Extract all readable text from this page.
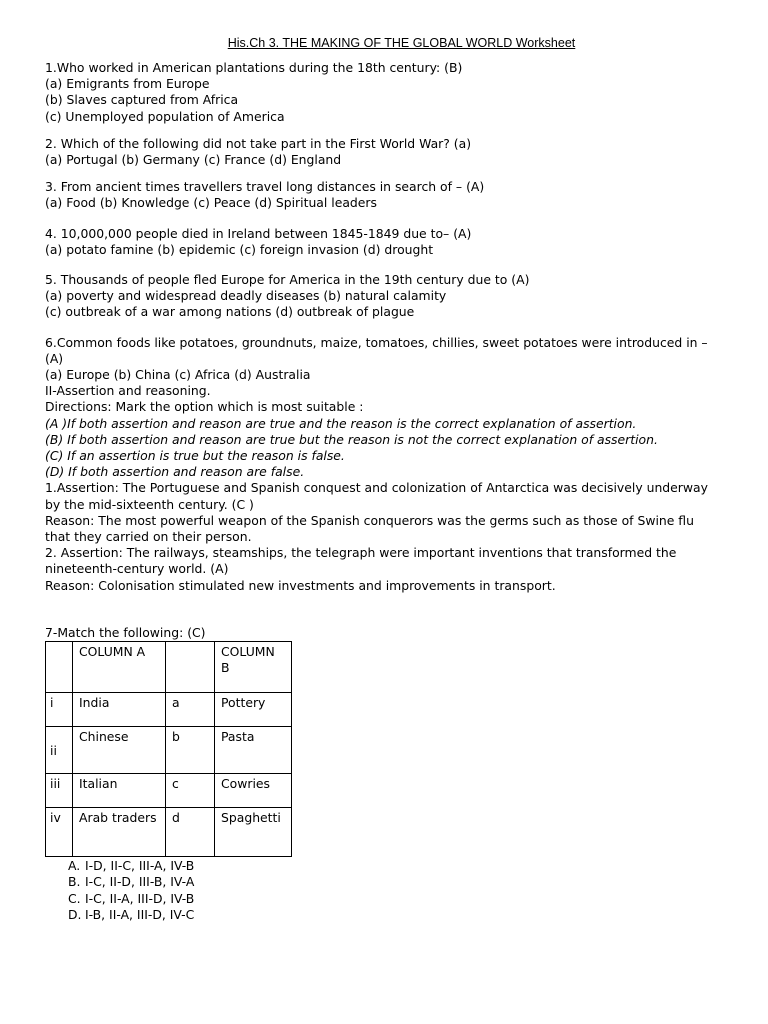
His.Ch 3. THE MAKING OF THE GLOBAL WORLD Worksheet
1.Who worked in American plantations during the 18th century: (B)
(a) Emigrants from Europe
(b) Slaves captured from Africa
(c) Unemployed population of America
2. Which of the following did not take part in the First World War? (a)
(a) Portugal (b) Germany (c) France (d) England
3. From ancient times travellers travel long distances in search of – (A)
(a) Food (b) Knowledge (c) Peace (d) Spiritual leaders
4. 10,000,000 people died in Ireland between 1845-1849 due to– (A)
(a) potato famine (b) epidemic (c) foreign invasion (d) drought
5. Thousands of people fled Europe for America in the 19th century due to (A)
(a) poverty and widespread deadly diseases (b) natural calamity
(c) outbreak of a war among nations (d) outbreak of plague
6.Common foods like potatoes, groundnuts, maize, tomatoes, chillies, sweet potatoes were introduced in –(A)
(a) Europe (b) China (c) Africa (d) Australia
II-Assertion and reasoning.
Directions: Mark the option which is most suitable :
(A )If both assertion and reason are true and the reason is the correct explanation of assertion.
(B) If both assertion and reason are true but the reason is not the correct explanation of assertion.
(C) If an assertion is true but the reason is false.
(D) If both assertion and reason are false.
1.Assertion: The Portuguese and Spanish conquest and colonization of Antarctica was decisively underway by the mid-sixteenth century. (C )
Reason: The most powerful weapon of the Spanish conquerors was the germs such as those of Swine flu that they carried on their person.
2. Assertion: The railways, steamships, the telegraph were important inventions that transformed the nineteenth-century world. (A)
Reason: Colonisation stimulated new investments and improvements in transport.
7-Match the following: (C)
	COLUMN A		COLUMN B
i	India	a	Pottery
ii	Chinese	b	Pasta
iii	Italian	c	Cowries
iv	Arab traders	d	Spaghetti
A. I-D, II-C, III-A, IV-B
B. I-C, II-D, III-B, IV-A
C. I-C, II-A, III-D, IV-B
D. I-B, II-A, III-D, IV-C
